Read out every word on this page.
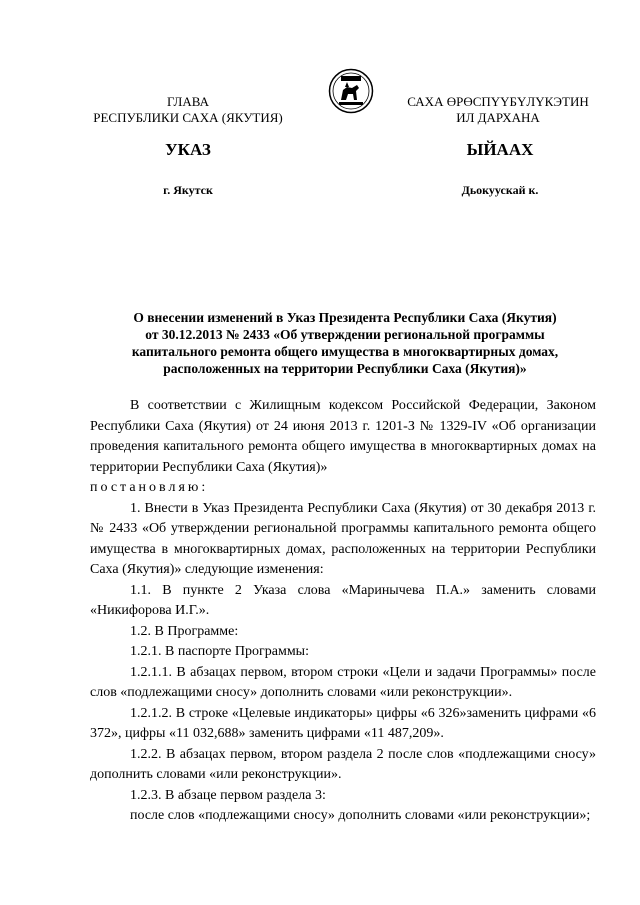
ГЛАВА
РЕСПУБЛИКИ САХА (ЯКУТИЯ)
САХА ӨРӨСПҮҮБҮЛҮКЭТИН
ИЛ ДАРХАНА
УКАЗ	ЫЙААХ
г. Якутск	Дьокуускай к.
О внесении изменений в Указ Президента Республики Саха (Якутия)
от 30.12.2013 № 2433 «Об утверждении региональной программы
капитального ремонта общего имущества в многоквартирных домах,
расположенных на территории Республики Саха (Якутия)»

В соответствии с Жилищным кодексом Российской Федерации, Законом Республики Саха (Якутия) от 24 июня 2013 г. 1201-З № 1329-IV «Об организации проведения капитального ремонта общего имущества в многоквартирных домах на территории Республики Саха (Якутия)»

постановляю:

1. Внести в Указ Президента Республики Саха (Якутия) от 30 декабря 2013 г. № 2433 «Об утверждении региональной программы капитального ремонта общего имущества в многоквартирных домах, расположенных на территории Республики Саха (Якутия)» следующие изменения:

1.1. В пункте 2 Указа слова «Маринычева П.А.» заменить словами «Никифорова И.Г.».

1.2. В Программе:

1.2.1. В паспорте Программы:

1.2.1.1. В абзацах первом, втором строки «Цели и задачи Программы» после слов «подлежащими сносу» дополнить словами «или реконструкции».

1.2.1.2. В строке «Целевые индикаторы» цифры «6 326»заменить цифрами «6 372», цифры «11 032,688» заменить цифрами «11 487,209».

1.2.2. В абзацах первом, втором раздела 2 после слов «подлежащими сносу» дополнить словами «или реконструкции».

1.2.3. В абзаце первом раздела 3:

после слов «подлежащими сносу» дополнить словами «или реконструкции»;
